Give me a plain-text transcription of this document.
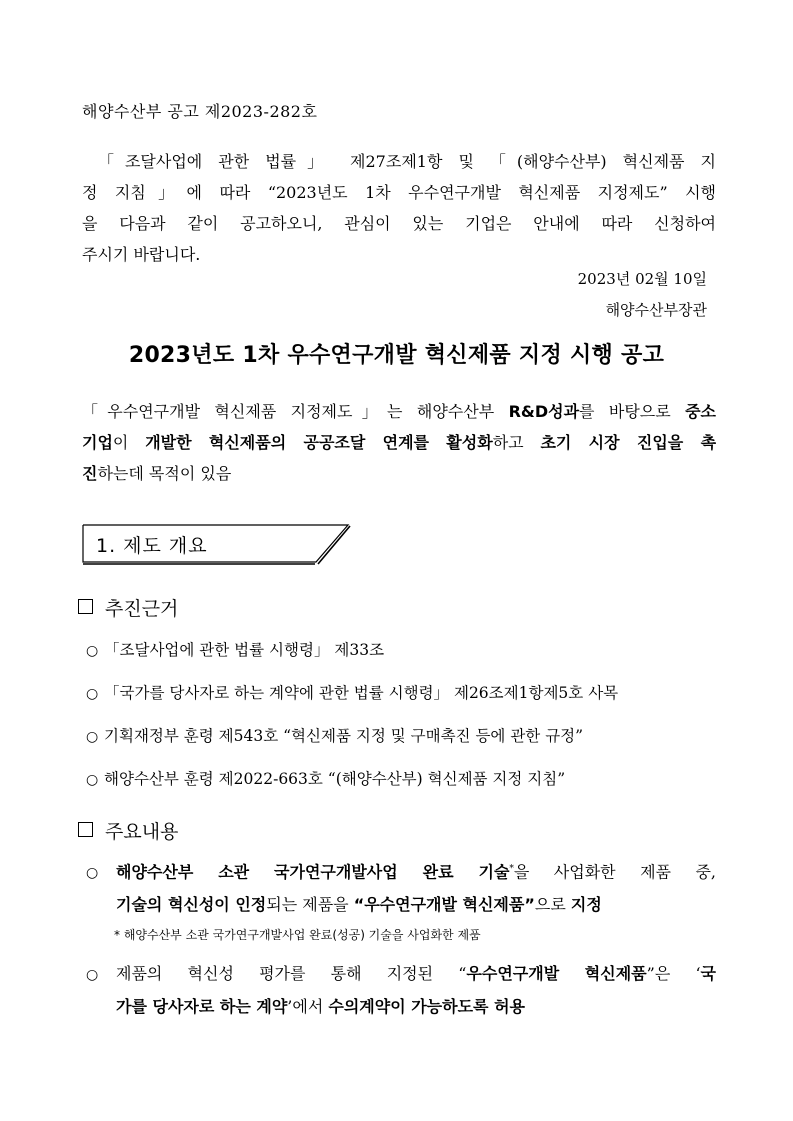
해양수산부 공고 제2023-282호
「조달사업에 관한 법률」 제27조제1항 및 「(해양수산부) 혁신제품 지
정 지침」에 따라 “2023년도 1차 우수연구개발 혁신제품 지정제도” 시행
을 다음과 같이 공고하오니, 관심이 있는 기업은 안내에 따라 신청하여
주시기 바랍니다.
2023년 02월 10일
해양수산부장관
2023년도 1차 우수연구개발 혁신제품 지정 시행 공고
「우수연구개발 혁신제품 지정제도」는 해양수산부 R&D성과를 바탕으로 중소
기업이 개발한 혁신제품의 공공조달 연계를 활성화하고 초기 시장 진입을 촉
진하는데 목적이 있음
1. 제도 개요
추진근거
○ 「조달사업에 관한 법률 시행령」 제33조
○ 「국가를 당사자로 하는 계약에 관한 법률 시행령」 제26조제1항제5호 사목
○ 기획재정부 훈령 제543호 “혁신제품 지정 및 구매촉진 등에 관한 규정”
○ 해양수산부 훈령 제2022-663호 “(해양수산부) 혁신제품 지정 지침”
주요내용
○ 해양수산부 소관 국가연구개발사업 완료 기술*을 사업화한 제품 중,
기술의 혁신성이 인정되는 제품을 “우수연구개발 혁신제품”으로 지정
* 해양수산부 소관 국가연구개발사업 완료(성공) 기술을 사업화한 제품
○ 제품의 혁신성 평가를 통해 지정된 “우수연구개발 혁신제품”은 ‘국
가를 당사자로 하는 계약’에서 수의계약이 가능하도록 허용
